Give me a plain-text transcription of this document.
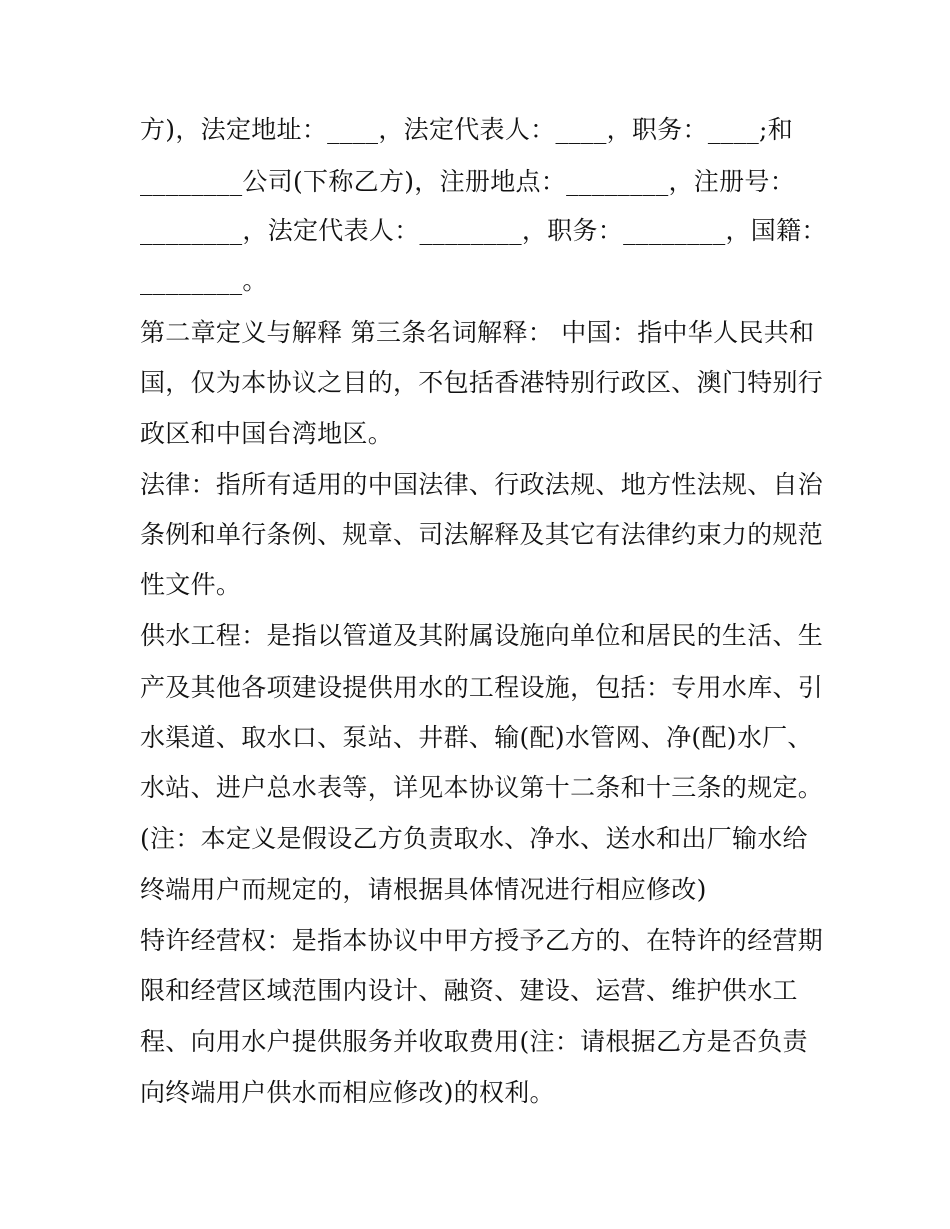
方)，法定地址：____，法定代表人：____，职务：____;和
________公司(下称乙方)，注册地点：________，注册号：
________，法定代表人：________，职务：________，国籍：
________。
第二章定义与解释 第三条名词解释： 中国：指中华人民共和
国，仅为本协议之目的，不包括香港特别行政区、澳门特别行
政区和中国台湾地区。
法律：指所有适用的中国法律、行政法规、地方性法规、自治
条例和单行条例、规章、司法解释及其它有法律约束力的规范
性文件。
供水工程：是指以管道及其附属设施向单位和居民的生活、生
产及其他各项建设提供用水的工程设施，包括：专用水库、引
水渠道、取水口、泵站、井群、输(配)水管网、净(配)水厂、
水站、进户总水表等，详见本协议第十二条和十三条的规定。
(注：本定义是假设乙方负责取水、净水、送水和出厂输水给
终端用户而规定的，请根据具体情况进行相应修改)
特许经营权：是指本协议中甲方授予乙方的、在特许的经营期
限和经营区域范围内设计、融资、建设、运营、维护供水工
程、向用水户提供服务并收取费用(注：请根据乙方是否负责
向终端用户供水而相应修改)的权利。
